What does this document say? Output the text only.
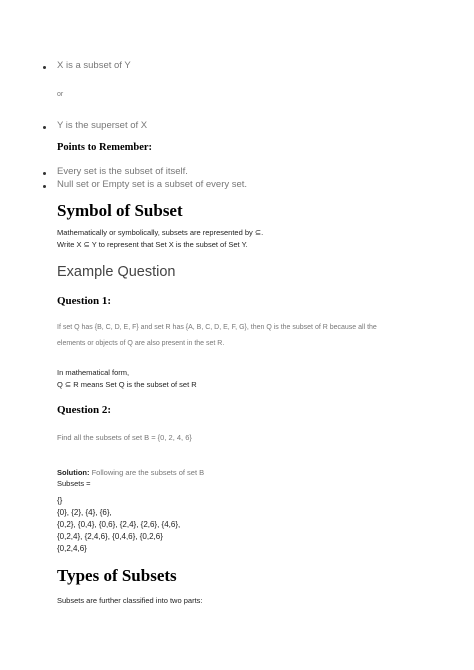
X is a subset of Y
or
Y is the superset of X
Points to Remember:
Every set is the subset of itself.
Null set or Empty set is a subset of every set.
Symbol of Subset
Mathematically or symbolically, subsets are represented by ⊆.
Write X ⊆ Y to represent that Set X is the subset of Set Y.
Example Question
Question 1:
If set Q has {B, C, D, E, F} and set R has {A, B, C, D, E, F, G}, then Q is the subset of R because all the
elements or objects of Q are also present in the set R.
In mathematical form,
Q ⊆ R means Set Q is the subset of set R
Question 2:
Find all the subsets of set B = {0, 2, 4, 6}
Solution: Following are the subsets of set B
Subsets =
{}
{0}, {2}, {4}, {6},
{0,2}, {0,4}, {0,6}, {2,4}, {2,6}, {4,6},
{0,2,4}, {2,4,6}, {0,4,6}, {0,2,6}
{0,2,4,6}
Types of Subsets
Subsets are further classified into two parts:
